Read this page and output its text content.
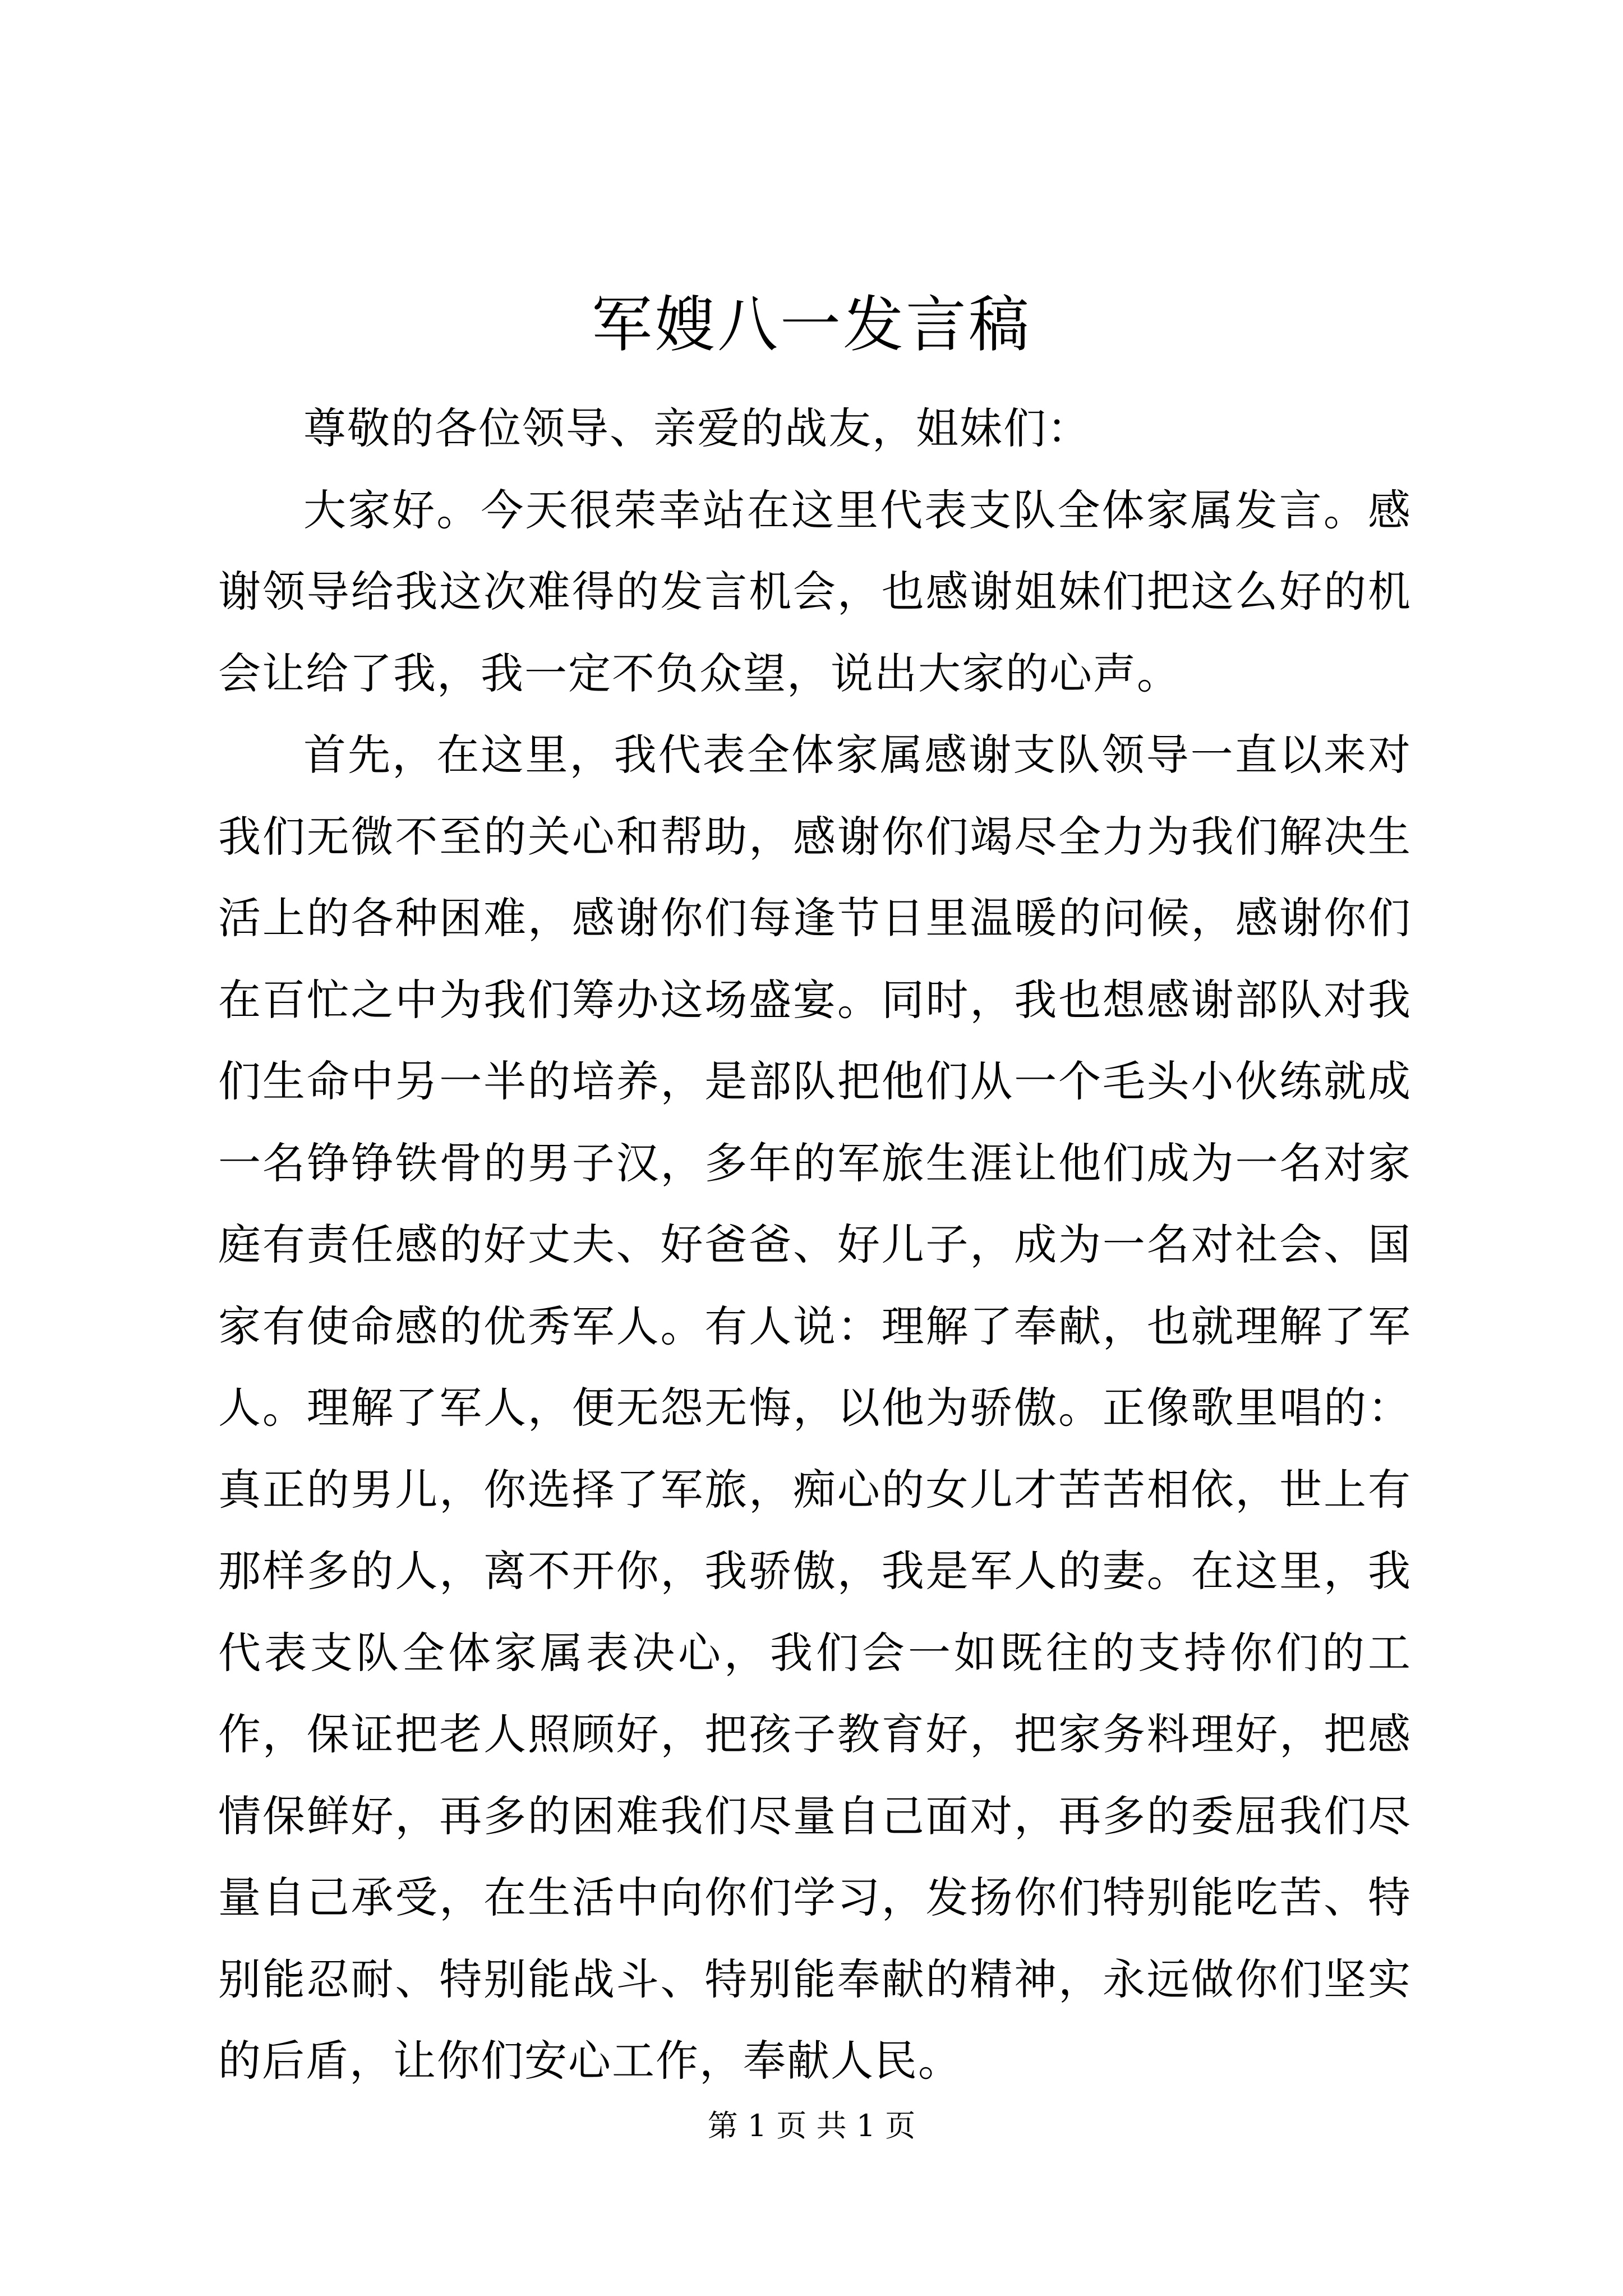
军嫂八一发言稿

尊敬的各位领导、亲爱的战友，姐妹们：

大家好。今天很荣幸站在这里代表支队全体家属发言。感谢领导给我这次难得的发言机会，也感谢姐妹们把这么好的机会让给了我，我一定不负众望，说出大家的心声。

首先，在这里，我代表全体家属感谢支队领导一直以来对我们无微不至的关心和帮助，感谢你们竭尽全力为我们解决生活上的各种困难，感谢你们每逢节日里温暖的问候，感谢你们在百忙之中为我们筹办这场盛宴。同时，我也想感谢部队对我们生命中另一半的培养，是部队把他们从一个毛头小伙练就成一名铮铮铁骨的男子汉，多年的军旅生涯让他们成为一名对家庭有责任感的好丈夫、好爸爸、好儿子，成为一名对社会、国家有使命感的优秀军人。有人说：理解了奉献，也就理解了军人。理解了军人，便无怨无悔，以他为骄傲。正像歌里唱的：真正的男儿，你选择了军旅，痴心的女儿才苦苦相依，世上有那样多的人，离不开你，我骄傲，我是军人的妻。在这里，我代表支队全体家属表决心，我们会一如既往的支持你们的工作，保证把老人照顾好，把孩子教育好，把家务料理好，把感情保鲜好，再多的困难我们尽量自己面对，再多的委屈我们尽量自己承受，在生活中向你们学习，发扬你们特别能吃苦、特别能忍耐、特别能战斗、特别能奉献的精神，永远做你们坚实的后盾，让你们安心工作，奉献人民。

第 1 页 共 1 页
